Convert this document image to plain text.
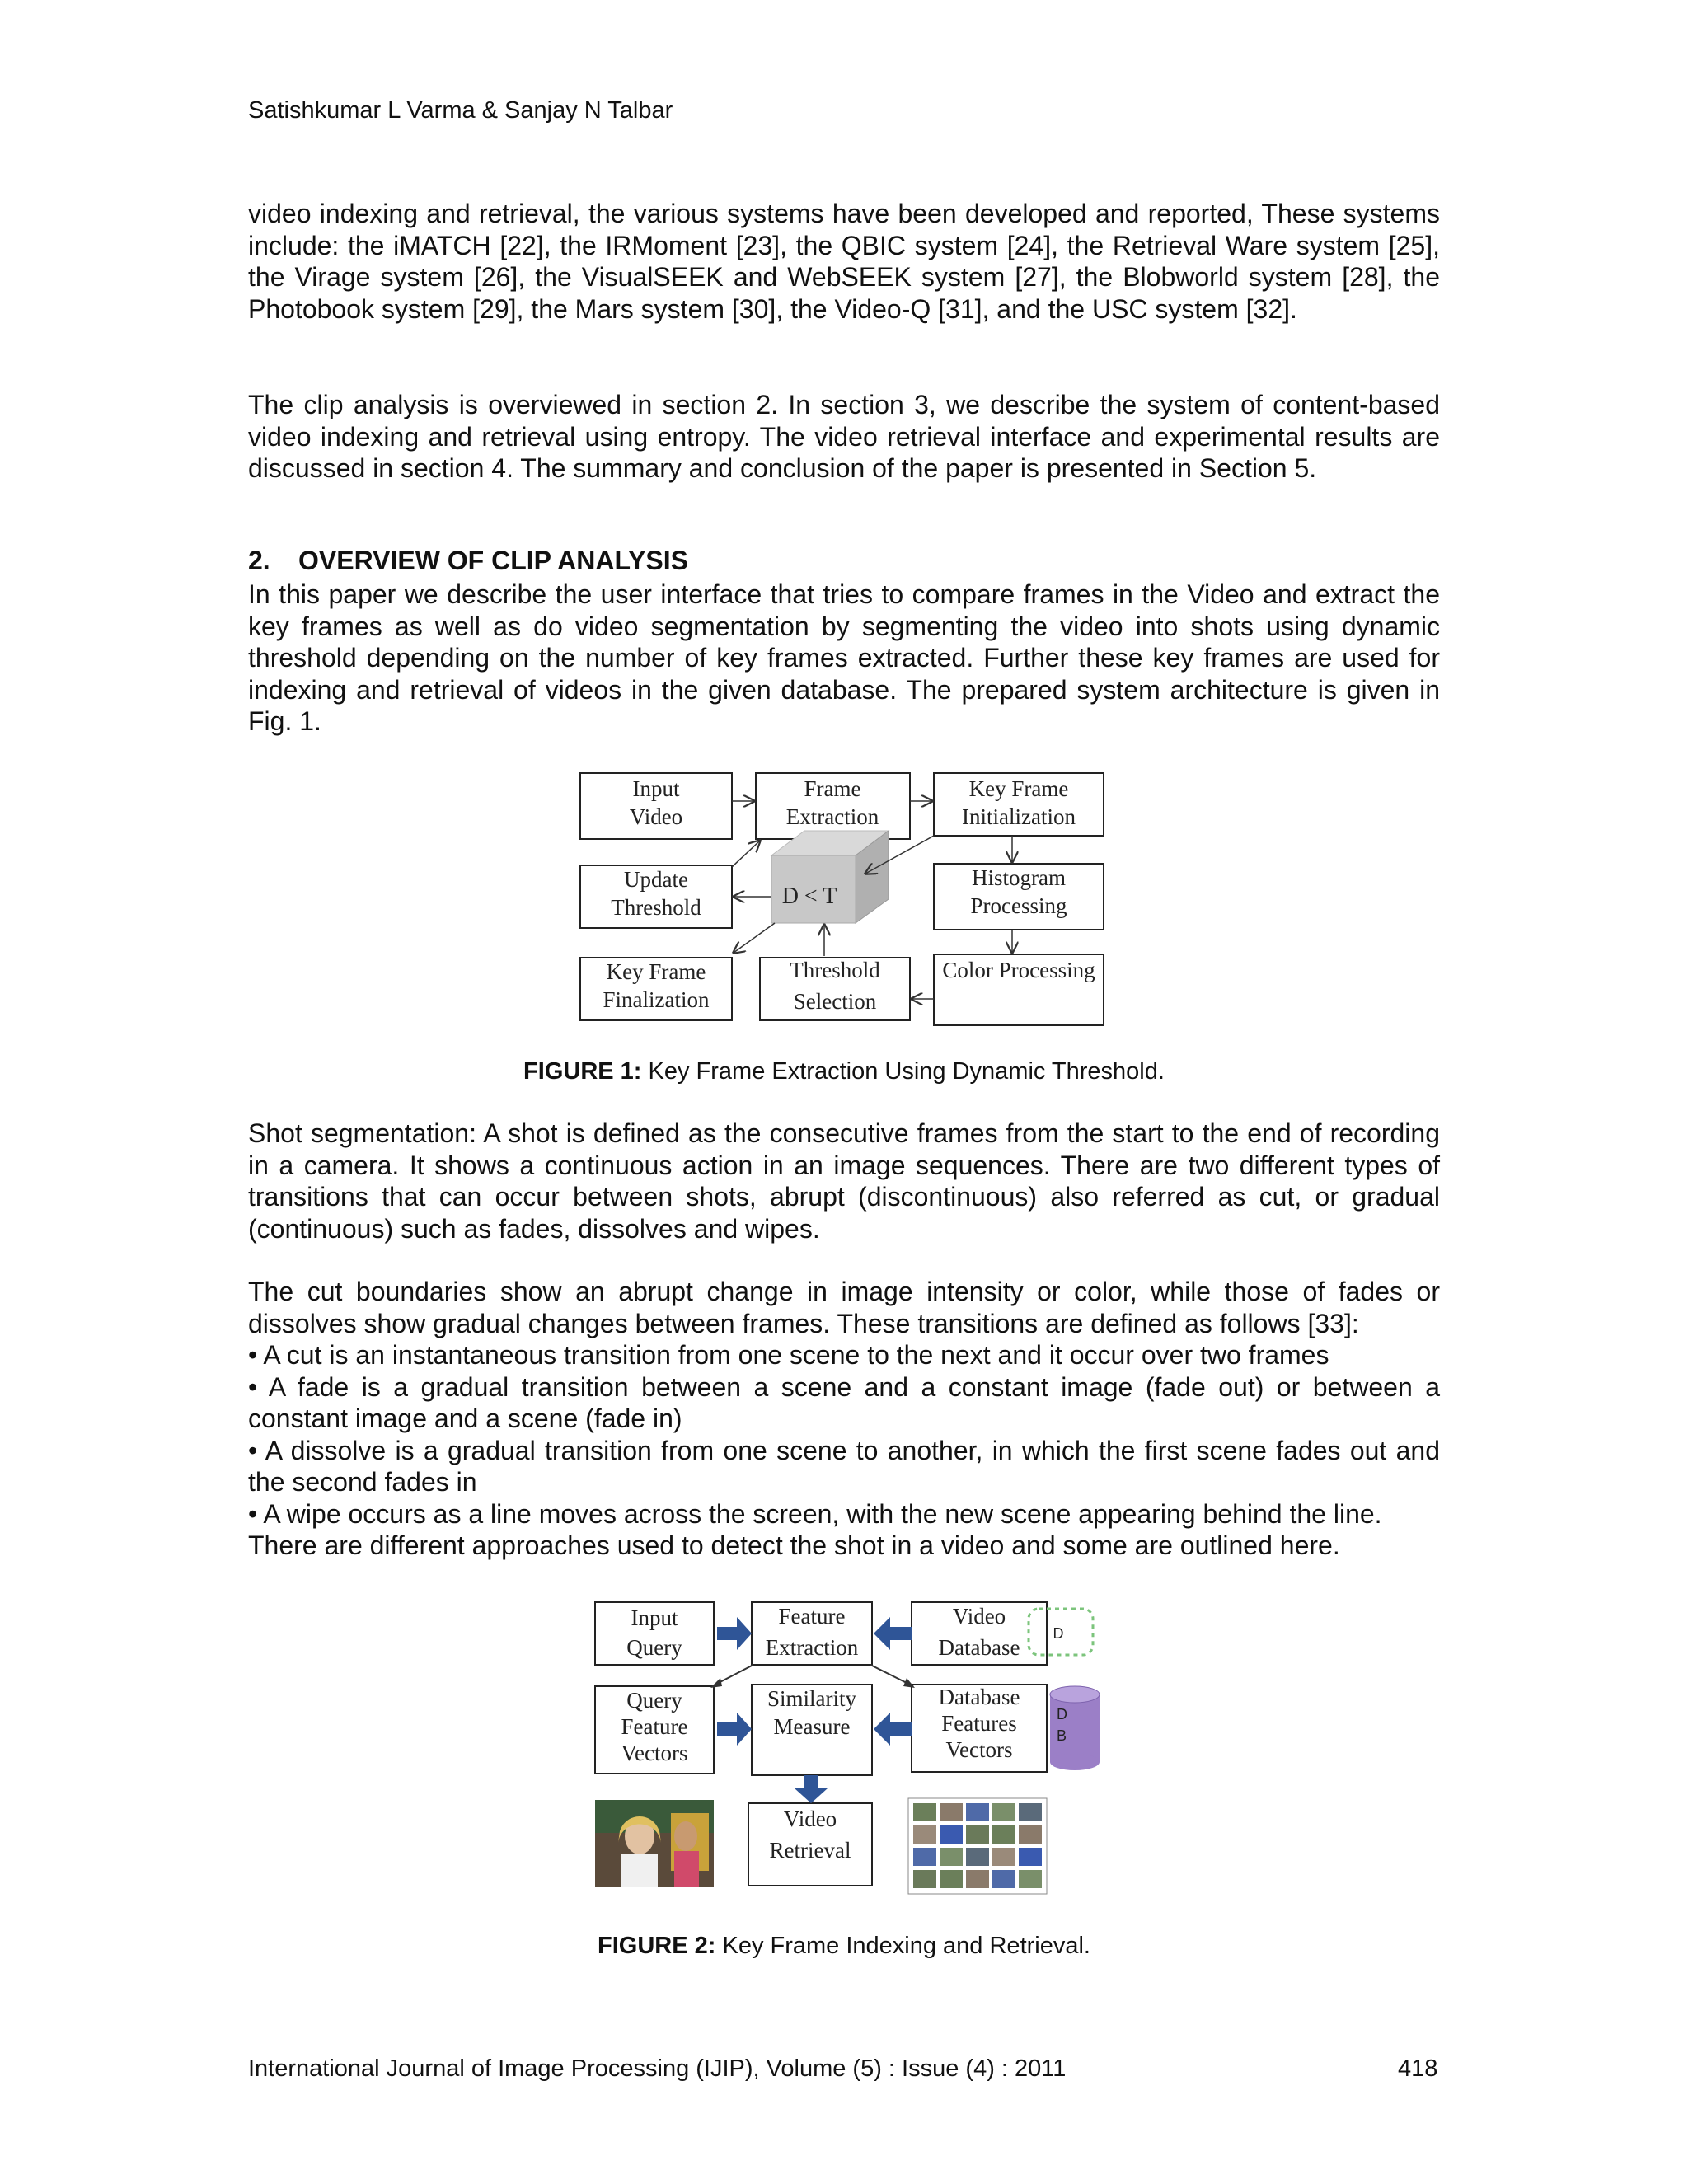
Satishkumar L Varma & Sanjay N Talbar

video indexing and retrieval, the various systems have been developed and reported, These systems include: the iMATCH [22], the IRMoment [23], the QBIC system [24], the Retrieval Ware system [25], the Virage system [26], the VisualSEEK and WebSEEK system [27], the Blobworld system [28], the Photobook system [29], the Mars system [30], the Video-Q [31], and the USC system [32].

The clip analysis is overviewed in section 2. In section 3, we describe the system of content-based video indexing and retrieval using entropy. The video retrieval interface and experimental results are discussed in section 4. The summary and conclusion of the paper is presented in Section 5.

2. OVERVIEW OF CLIP ANALYSIS

In this paper we describe the user interface that tries to compare frames in the Video and extract the key frames as well as do video segmentation by segmenting the video into shots using dynamic threshold depending on the number of key frames extracted. Further these key frames are used for indexing and retrieval of videos in the given database. The prepared system architecture is given in Fig. 1.

Input
Video
Frame
Extraction
Key Frame
Initialization
Update
Threshold	D < T
Histogram
Processing
Key Frame
Finalization
Threshold
Selection
Color Processing
FIGURE 1: Key Frame Extraction Using Dynamic Threshold.

Shot segmentation: A shot is defined as the consecutive frames from the start to the end of recording in a camera. It shows a continuous action in an image sequences. There are two different types of transitions that can occur between shots, abrupt (discontinuous) also referred as cut, or gradual (continuous) such as fades, dissolves and wipes.

The cut boundaries show an abrupt change in image intensity or color, while those of fades or dissolves show gradual changes between frames. These transitions are defined as follows [33]:

• A cut is an instantaneous transition from one scene to the next and it occur over two frames

• A fade is a gradual transition between a scene and a constant image (fade out) or between a constant image and a scene (fade in)

• A dissolve is a gradual transition from one scene to another, in which the first scene fades out and the second fades in

• A wipe occurs as a line moves across the screen, with the new scene appearing behind the line.

There are different approaches used to detect the shot in a video and some are outlined here.

D
D
B
Input
Query
Feature
Extraction
Video
Database
Query
Feature
Vectors
Similarity
Measure
Database
Features
Vectors
Video
Retrieval
FIGURE 2: Key Frame Indexing and Retrieval.
International Journal of Image Processing (IJIP), Volume (5) : Issue (4) : 2011	418
